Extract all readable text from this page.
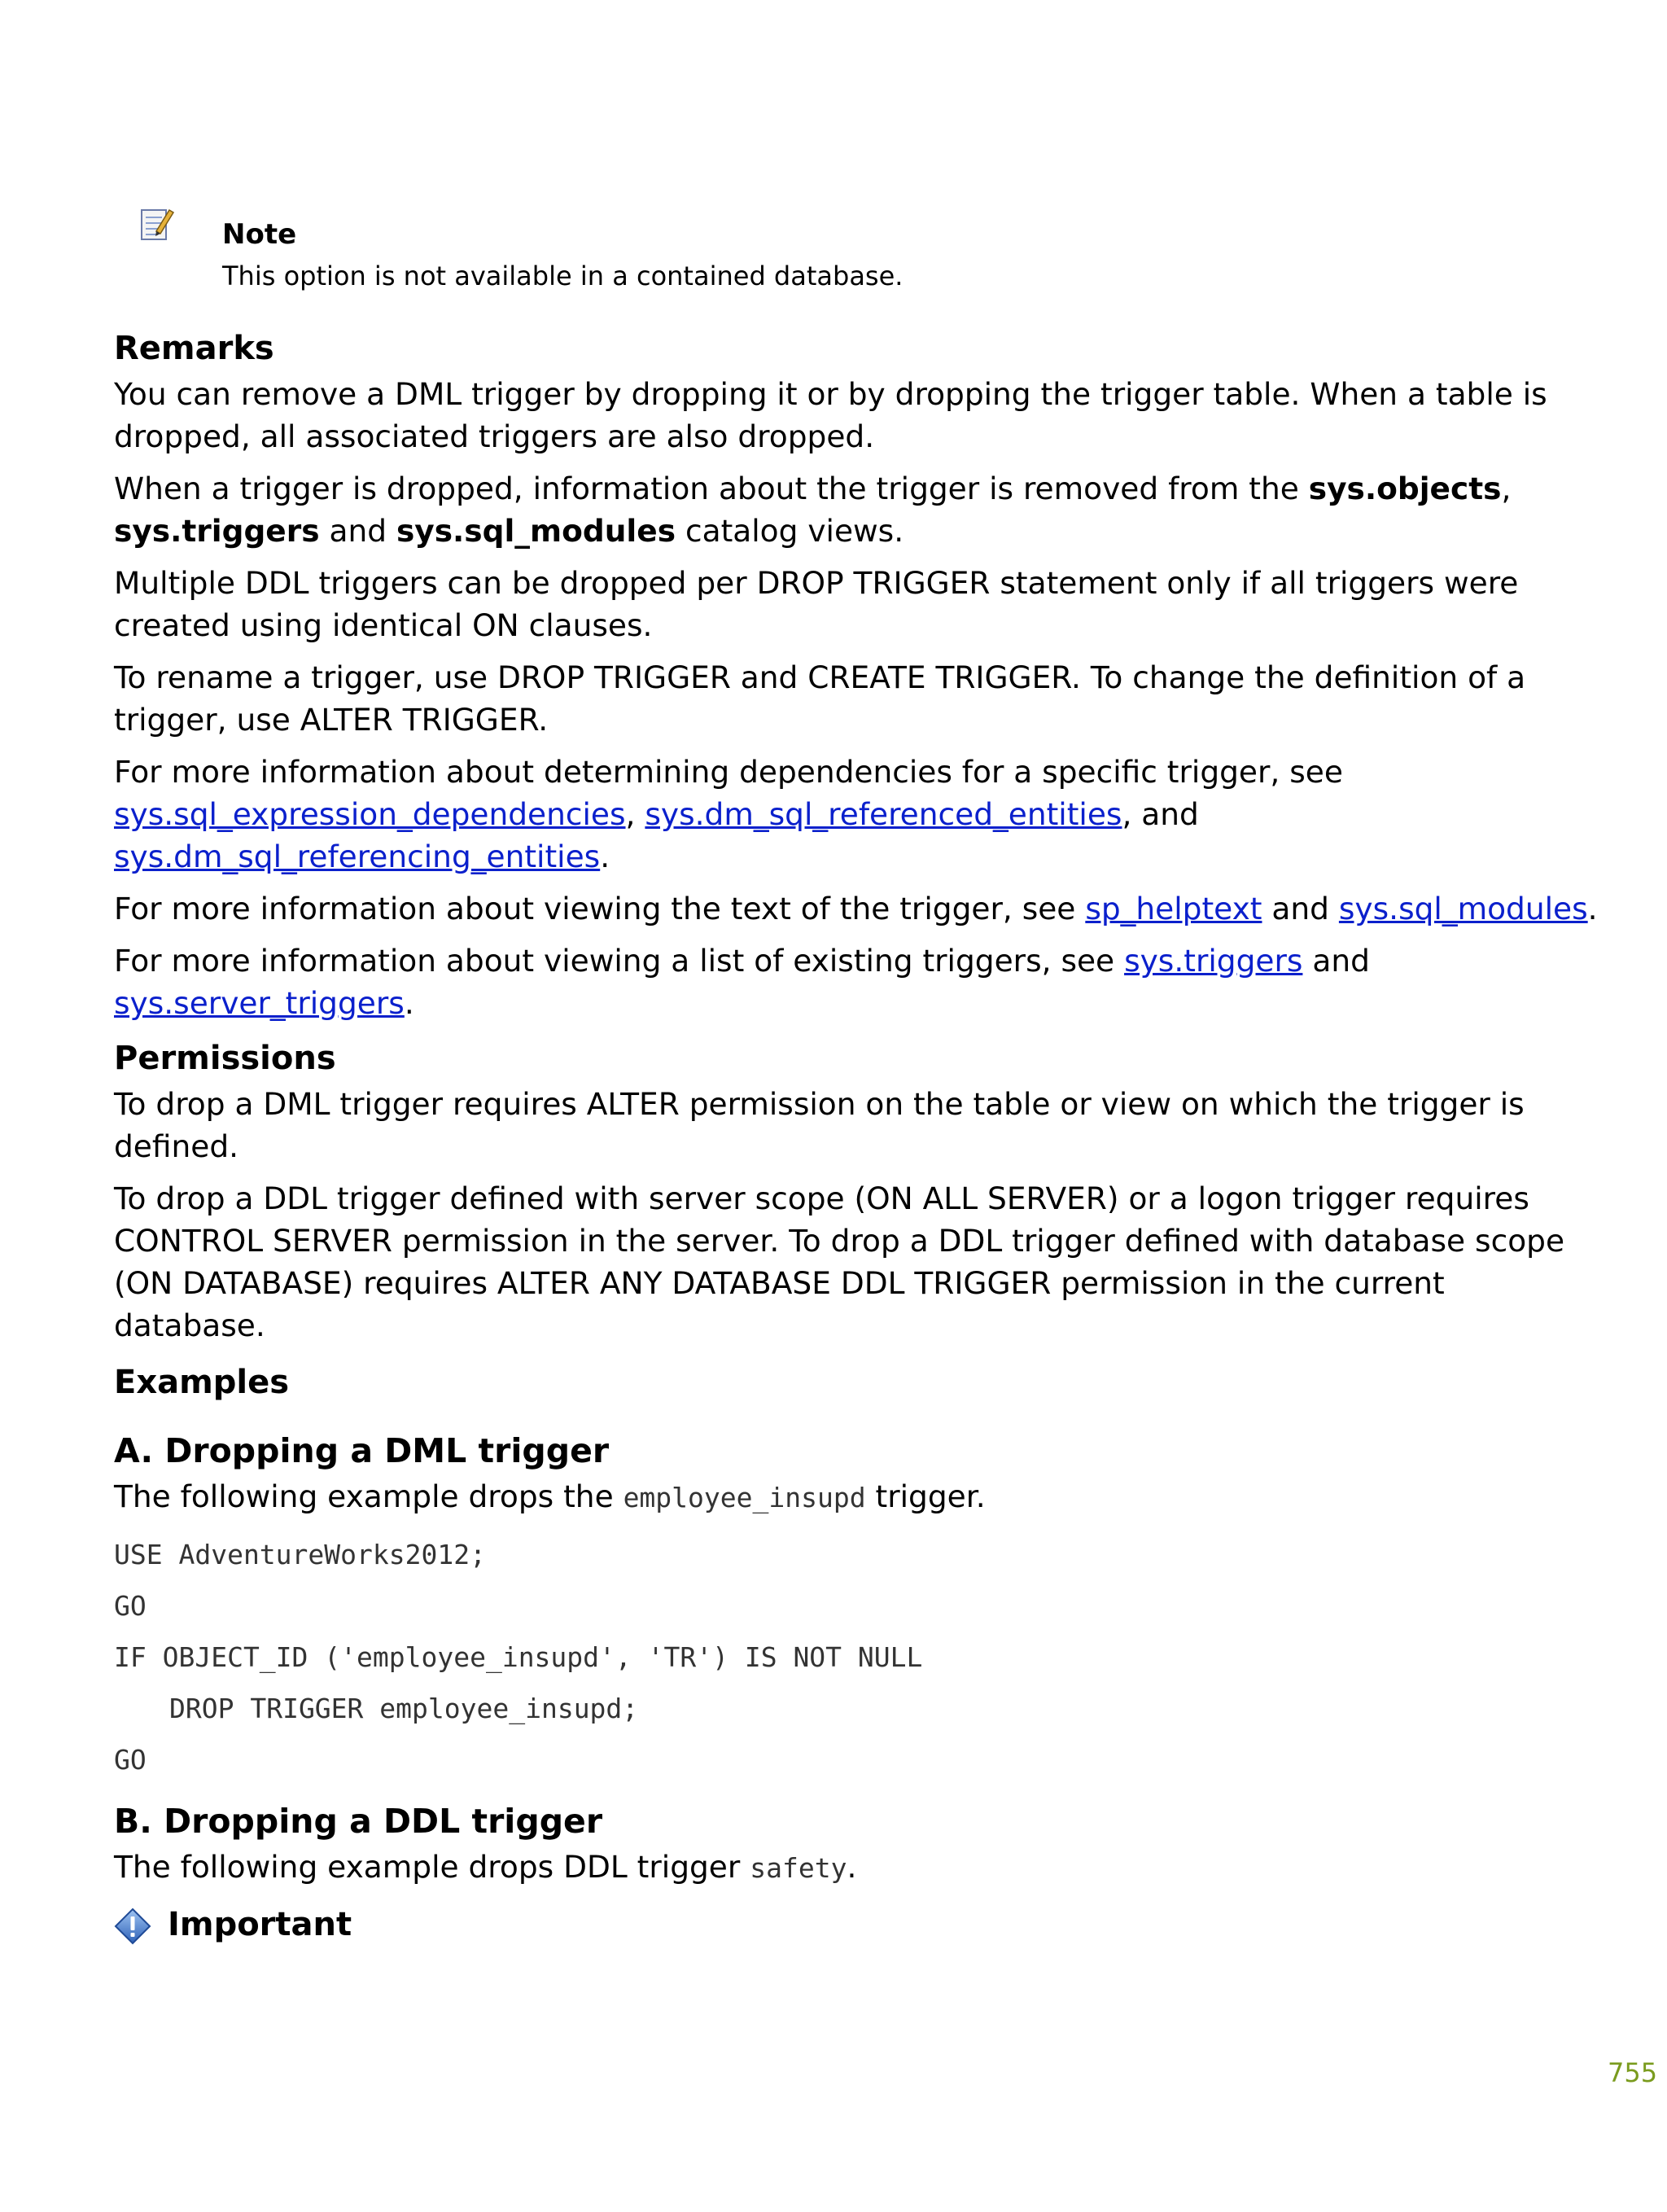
Note
This option is not available in a contained database.
Remarks

You can remove a DML trigger by dropping it or by dropping the trigger table. When a table is
dropped, all associated triggers are also dropped.

When a trigger is dropped, information about the trigger is removed from the sys.objects,
sys.triggers and sys.sql_modules catalog views.

Multiple DDL triggers can be dropped per DROP TRIGGER statement only if all triggers were
created using identical ON clauses.

To rename a trigger, use DROP TRIGGER and CREATE TRIGGER. To change the definition of a
trigger, use ALTER TRIGGER.

For more information about determining dependencies for a specific trigger, see
sys.sql_expression_dependencies, sys.dm_sql_referenced_entities, and
sys.dm_sql_referencing_entities.

For more information about viewing the text of the trigger, see sp_helptext and sys.sql_modules.

For more information about viewing a list of existing triggers, see sys.triggers and
sys.server_triggers.

Permissions

To drop a DML trigger requires ALTER permission on the table or view on which the trigger is
defined.

To drop a DDL trigger defined with server scope (ON ALL SERVER) or a logon trigger requires
CONTROL SERVER permission in the server. To drop a DDL trigger defined with database scope
(ON DATABASE) requires ALTER ANY DATABASE DDL TRIGGER permission in the current
database.

Examples
A. Dropping a DML trigger

The following example drops the employee_insupd trigger.

USE AdventureWorks2012;
GO
IF OBJECT_ID ('employee_insupd', 'TR') IS NOT NULL
DROP TRIGGER employee_insupd;
GO
B. Dropping a DDL trigger

The following example drops DDL trigger safety.

Important
755
